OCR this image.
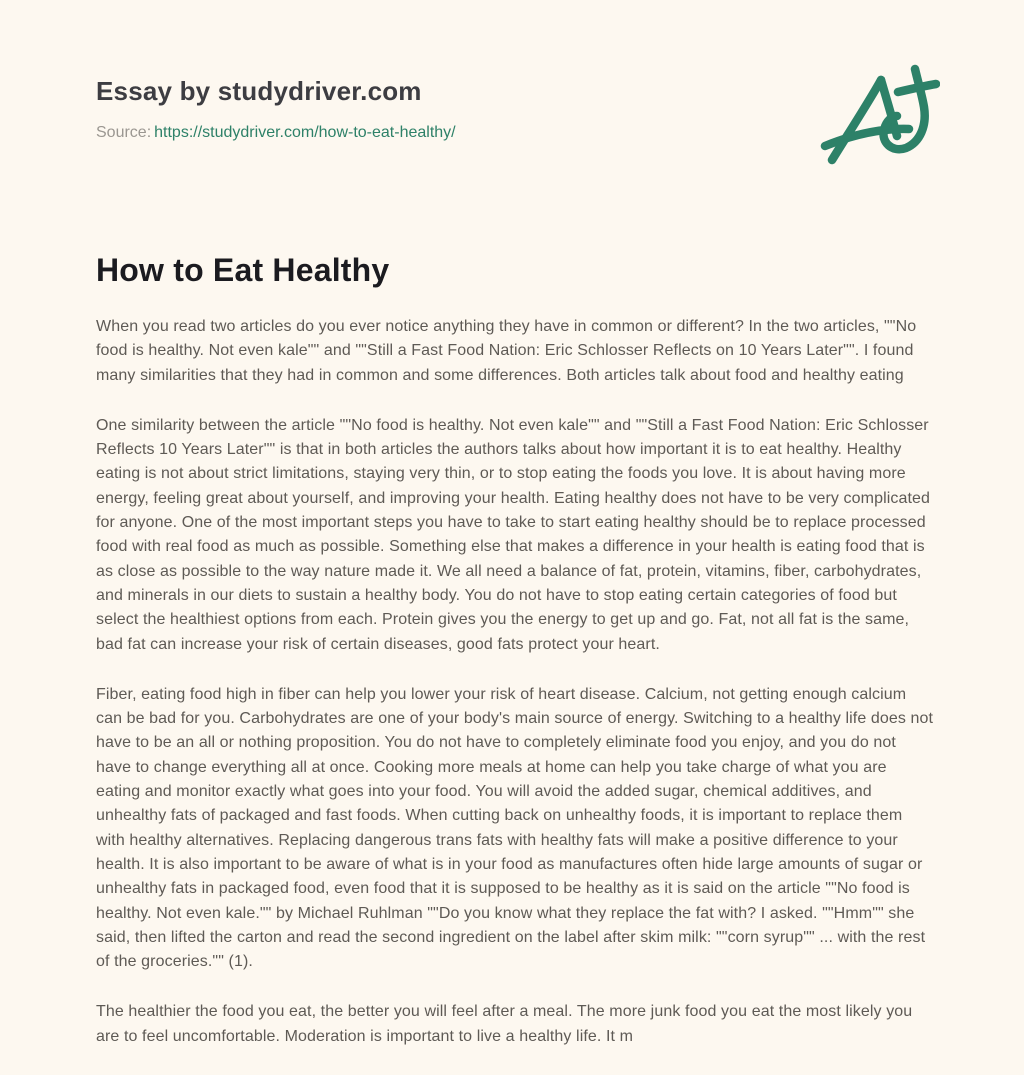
Essay by studydriver.com
Source: https://studydriver.com/how-to-eat-healthy/
How to Eat Healthy

When you read two articles do you ever notice anything they have in common or different? In the two articles, ""No food is healthy. Not even kale"" and ""Still a Fast Food Nation: Eric Schlosser Reflects on 10 Years Later"". I found many similarities that they had in common and some differences. Both articles talk about food and healthy eating

One similarity between the article ""No food is healthy. Not even kale"" and ""Still a Fast Food Nation: Eric Schlosser Reflects 10 Years Later"" is that in both articles the authors talks about how important it is to eat healthy. Healthy eating is not about strict limitations, staying very thin, or to stop eating the foods you love. It is about having more energy, feeling great about yourself, and improving your health. Eating healthy does not have to be very complicated for anyone. One of the most important steps you have to take to start eating healthy should be to replace processed food with real food as much as possible. Something else that makes a difference in your health is eating food that is as close as possible to the way nature made it. We all need a balance of fat, protein, vitamins, fiber, carbohydrates, and minerals in our diets to sustain a healthy body. You do not have to stop eating certain categories of food but select the healthiest options from each. Protein gives you the energy to get up and go. Fat, not all fat is the same, bad fat can increase your risk of certain diseases, good fats protect your heart.

Fiber, eating food high in fiber can help you lower your risk of heart disease. Calcium, not getting enough calcium can be bad for you. Carbohydrates are one of your body's main source of energy. Switching to a healthy life does not have to be an all or nothing proposition. You do not have to completely eliminate food you enjoy, and you do not have to change everything all at once. Cooking more meals at home can help you take charge of what you are eating and monitor exactly what goes into your food. You will avoid the added sugar, chemical additives, and unhealthy fats of packaged and fast foods. When cutting back on unhealthy foods, it is important to replace them with healthy alternatives. Replacing dangerous trans fats with healthy fats will make a positive difference to your health. It is also important to be aware of what is in your food as manufactures often hide large amounts of sugar or unhealthy fats in packaged food, even food that it is supposed to be healthy as it is said on the article ""No food is healthy. Not even kale."" by Michael Ruhlman ""Do you know what they replace the fat with? I asked. ""Hmm"" she said, then lifted the carton and read the second ingredient on the label after skim milk: ""corn syrup"" ... with the rest of the groceries."" (1).

The healthier the food you eat, the better you will feel after a meal. The more junk food you eat the most likely you are to feel uncomfortable. Moderation is important to live a healthy life. It m
